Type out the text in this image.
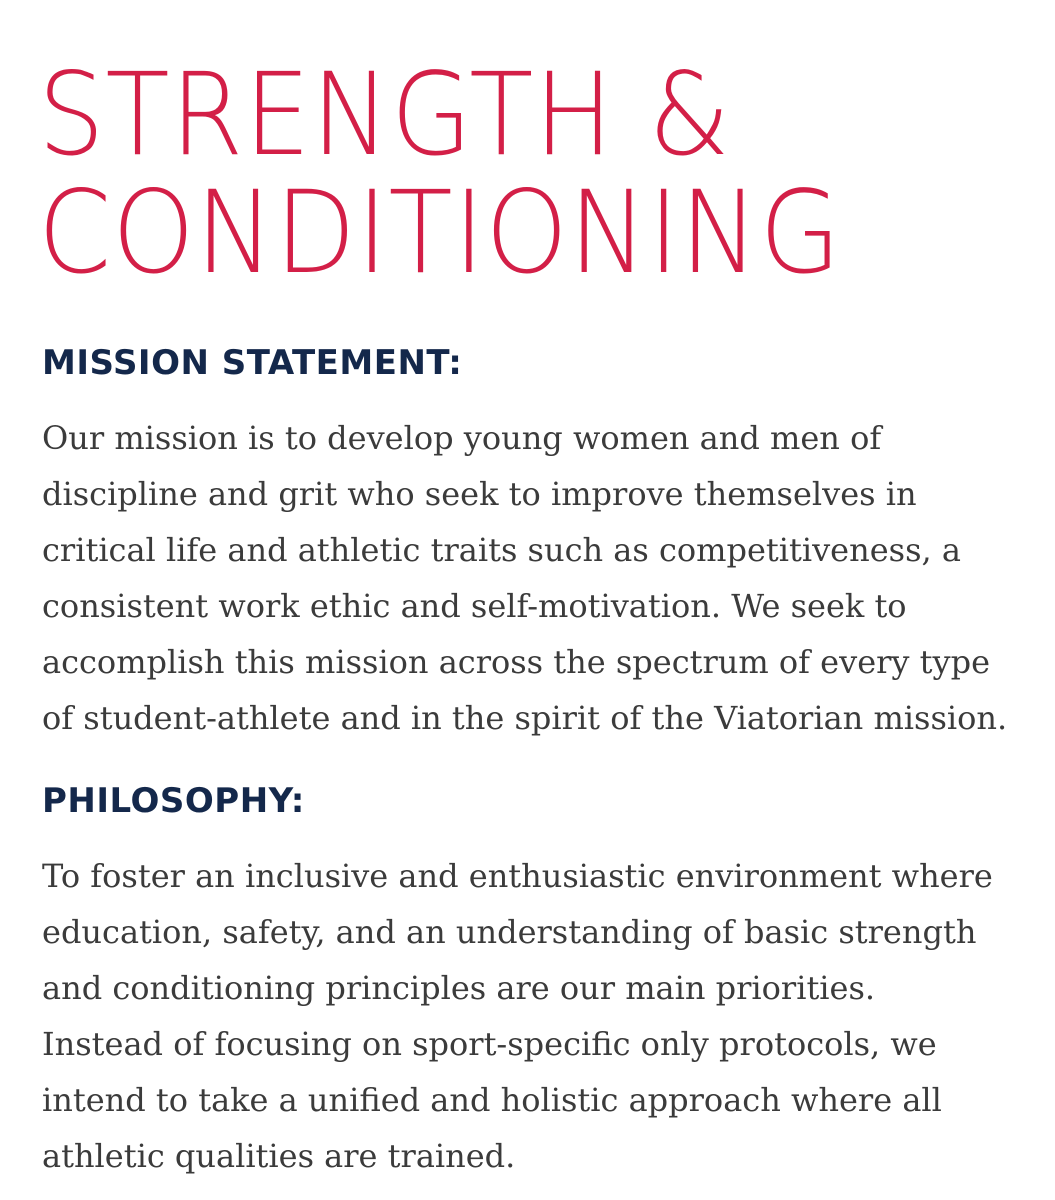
STRENGTH &
CONDITIONING
MISSION STATEMENT:

Our mission is to develop young women and men of
discipline and grit who seek to improve themselves in
critical life and athletic traits such as competitiveness, a
consistent work ethic and self-motivation. We seek to
accomplish this mission across the spectrum of every type
of student-athlete and in the spirit of the Viatorian mission.

PHILOSOPHY:

To foster an inclusive and enthusiastic environment where
education, safety, and an understanding of basic strength
and conditioning principles are our main priorities.
Instead of focusing on sport-specific only protocols, we
intend to take a unified and holistic approach where all
athletic qualities are trained.
